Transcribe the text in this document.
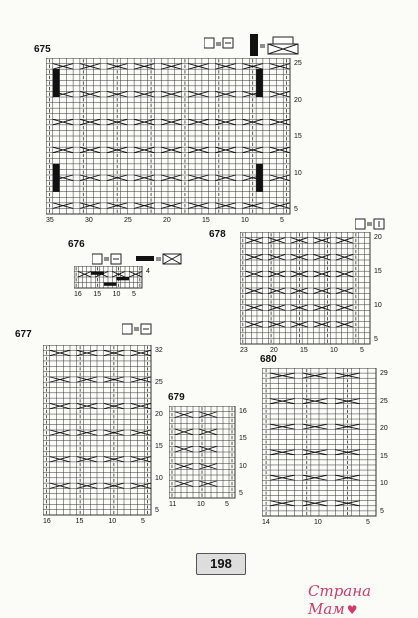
675
25
20
15
10
5
35	30	25	20	15	10	5
676
4
16 15 10 5
678	20
15
10
5
23	20	15	10	5
677
32
25
20
15
10
5
16	15	10	5
679
16
15
10
5
11	10	5
680
29
25
20
15
10
5
14	10	5
198
Страна Мам ♥
